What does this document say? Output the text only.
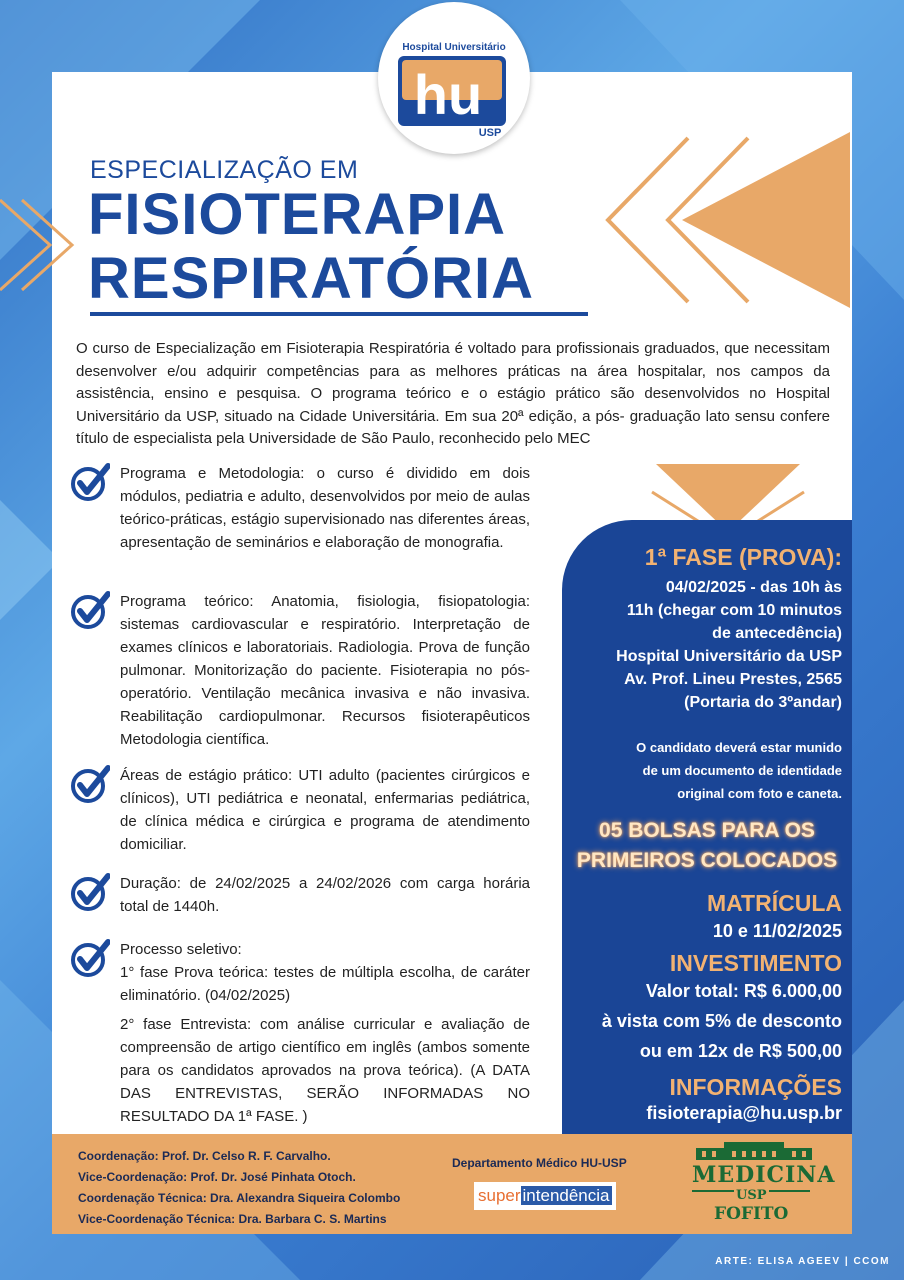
Hospital Universitário
hu
USP
ESPECIALIZAÇÃO EM
FISIOTERAPIA
RESPIRATÓRIA

O curso de Especialização em Fisioterapia Respiratória é voltado para profissionais graduados, que necessitam desenvolver e/ou adquirir competências para as melhores práticas na área hospitalar, nos campos da assistência, ensino e pesquisa. O programa teórico e o estágio prático são desenvolvidos no Hospital Universitário da USP, situado na Cidade Universitária. Em sua 20ª edição, a pós- graduação lato sensu confere título de especialista pela Universidade de São Paulo, reconhecido pelo MEC

Programa e Metodologia: o curso é dividido em dois módulos, pediatria e adulto, desenvolvidos por meio de aulas teórico-práticas, estágio supervisionado nas diferentes áreas, apresentação de seminários e elaboração de monografia.
Programa teórico: Anatomia, fisiologia, fisiopatologia: sistemas cardiovascular e respiratório. Interpretação de exames clínicos e laboratoriais. Radiologia. Prova de função pulmonar. Monitorização do paciente. Fisioterapia no pós-operatório. Ventilação mecânica invasiva e não invasiva. Reabilitação cardiopulmonar. Recursos fisioterapêuticos Metodologia científica.
Áreas de estágio prático: UTI adulto (pacientes cirúrgicos e clínicos), UTI pediátrica e neonatal, enfermarias pediátrica, de clínica médica e cirúrgica e programa de atendimento domiciliar.
Duração: de 24/02/2025 a 24/02/2026 com carga horária total de 1440h.

Processo seletivo:

1° fase Prova teórica: testes de múltipla escolha, de caráter eliminatório. (04/02/2025)

2° fase Entrevista: com análise curricular e avaliação de compreensão de artigo científico em inglês (ambos somente para os candidatos aprovados na prova teórica). (A DATA DAS ENTREVISTAS, SERÃO INFORMADAS NO RESULTADO DA 1ª FASE. )

1ª FASE (PROVA):
04/02/2025 - das 10h às
11h (chegar com 10 minutos
de antecedência)
Hospital Universitário da USP
Av. Prof. Lineu Prestes, 2565
(Portaria do 3ºandar)
O candidato deverá estar munido
de um documento de identidade
original com foto e caneta.
05 BOLSAS PARA OS
PRIMEIROS COLOCADOS
MATRÍCULA
10 e 11/02/2025
INVESTIMENTO
Valor total: R$ 6.000,00
à vista com 5% de desconto
ou em 12x de R$ 500,00
INFORMAÇÕES
fisioterapia@hu.usp.br
Coordenação: Prof. Dr. Celso R. F. Carvalho.
Vice-Coordenação: Prof. Dr. José Pinhata Otoch.
Coordenação Técnica: Dra. Alexandra Siqueira Colombo
Vice-Coordenação Técnica: Dra. Barbara C. S. Martins
Departamento Médico HU-USP
super intendência
MEDICINA
USP
FOFITO
ARTE: ELISA AGEEV | CCOM
